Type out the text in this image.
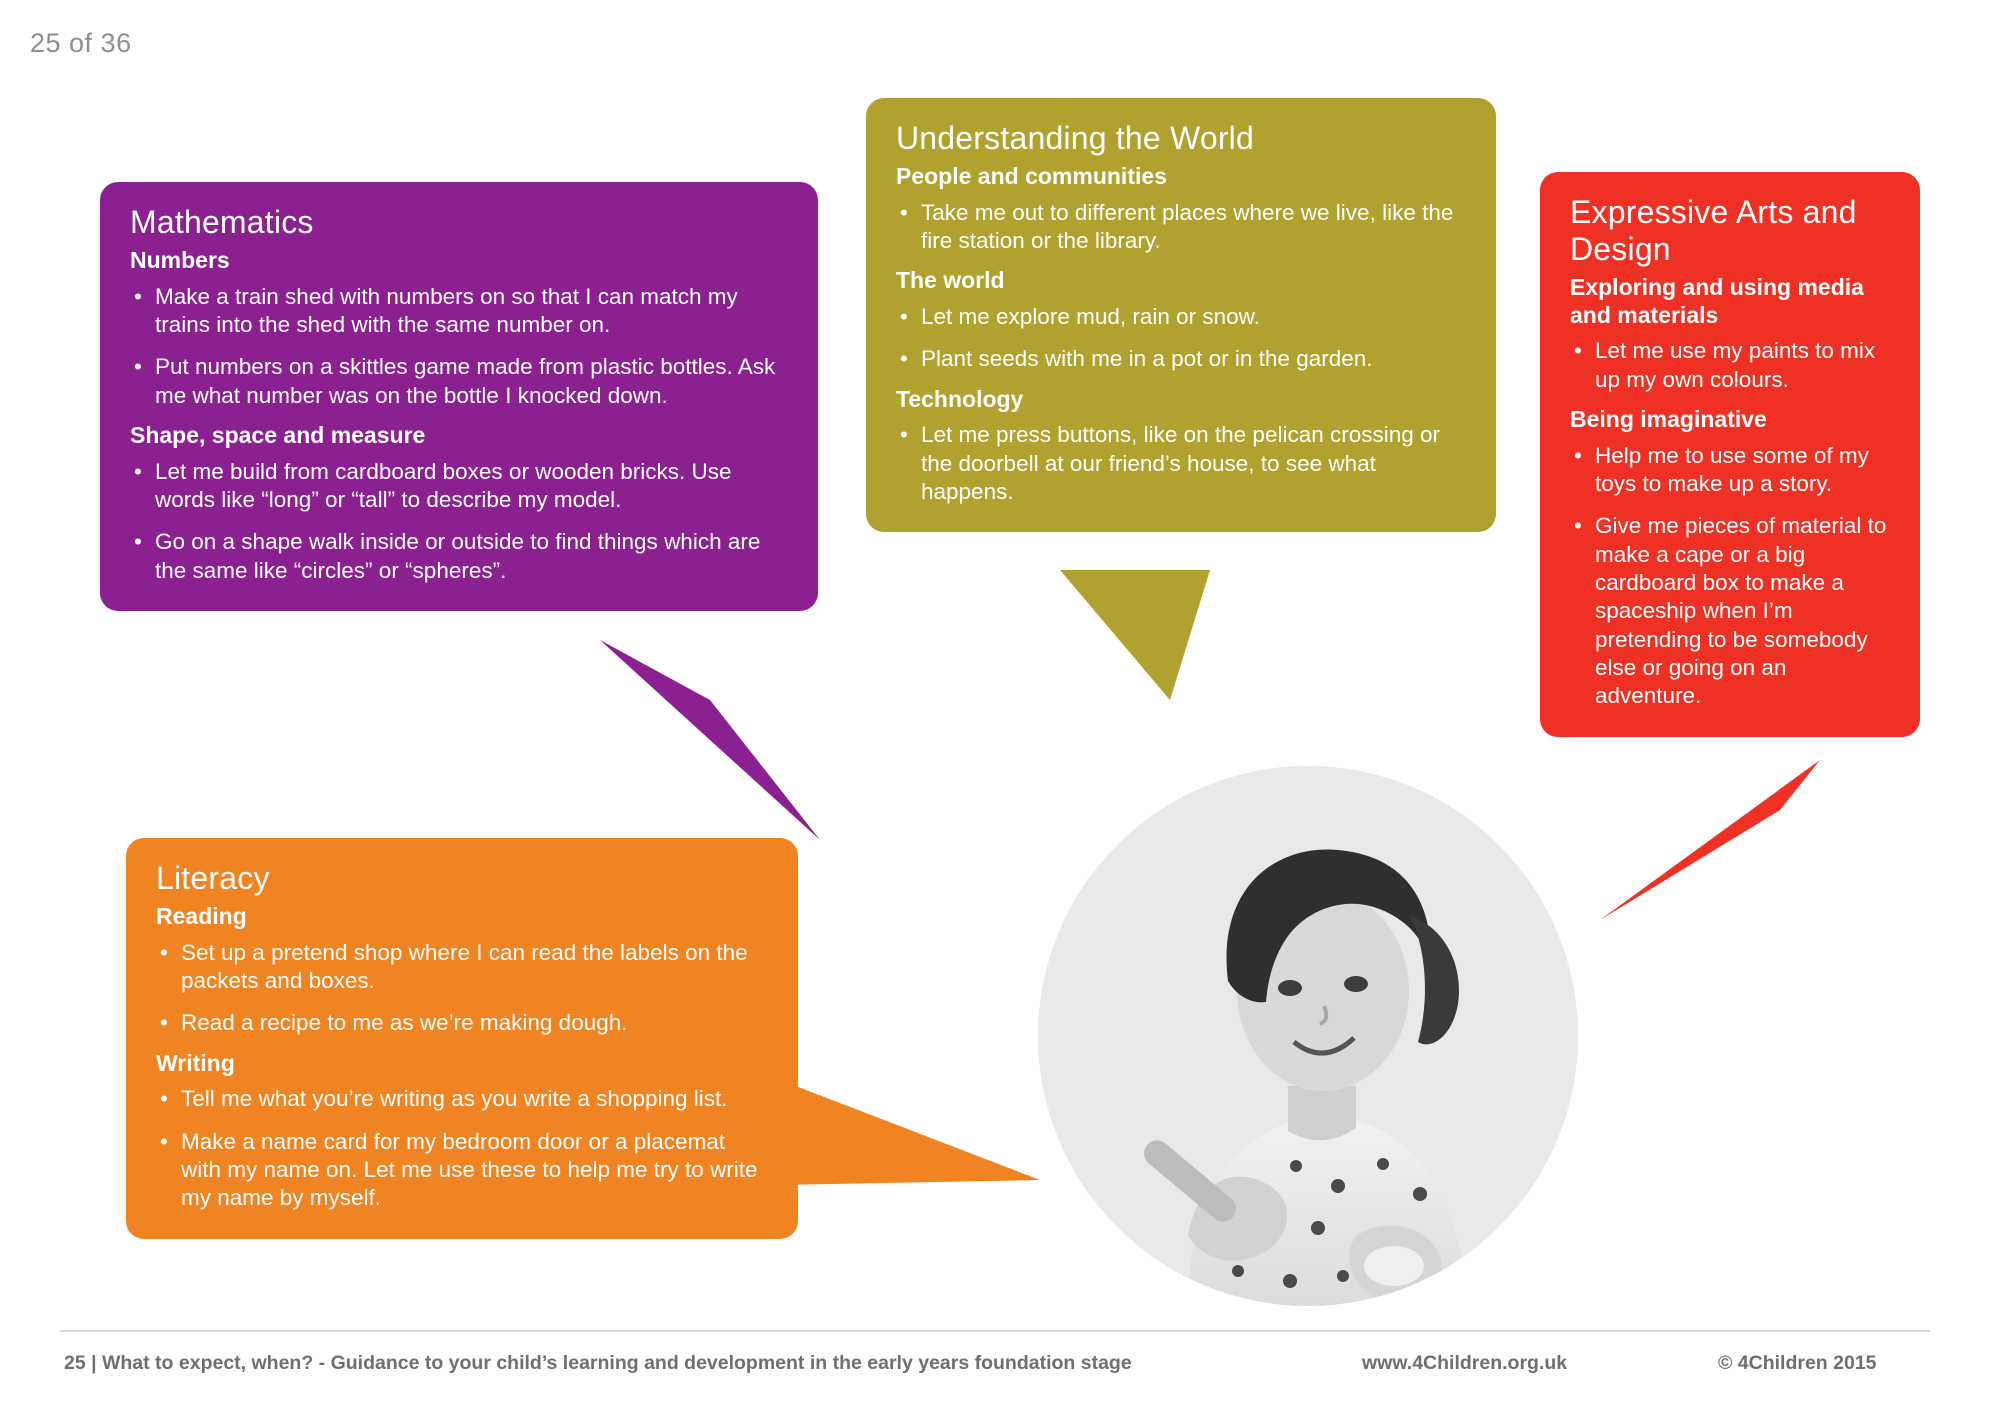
25 of 36
Mathematics
Numbers
• Make a train shed with numbers on so that I can match my trains into the shed with the same number on.
• Put numbers on a skittles game made from plastic bottles. Ask me what number was on the bottle I knocked down.
Shape, space and measure
• Let me build from cardboard boxes or wooden bricks. Use words like “long” or “tall” to describe my model.
• Go on a shape walk inside or outside to find things which are the same like “circles” or “spheres”.
Understanding the World
People and communities
• Take me out to different places where we live, like the fire station or the library.
The world
• Let me explore mud, rain or snow.
• Plant seeds with me in a pot or in the garden.
Technology
• Let me press buttons, like on the pelican crossing or the doorbell at our friend’s house, to see what happens.
Expressive Arts and Design
Exploring and using media and materials
• Let me use my paints to mix up my own colours.
Being imaginative
• Help me to use some of my toys to make up a story.
• Give me pieces of material to make a cape or a big cardboard box to make a spaceship when I’m pretending to be somebody else or going on an adventure.
Literacy
Reading
• Set up a pretend shop where I can read the labels on the packets and boxes.
• Read a recipe to me as we’re making dough.
Writing
• Tell me what you’re writing as you write a shopping list.
• Make a name card for my bedroom door or a placemat with my name on. Let me use these to help me try to write my name by myself.
25 | What to expect, when? - Guidance to your child’s learning and development in the early years foundation stage	www.4Children.org.uk	© 4Children 2015
